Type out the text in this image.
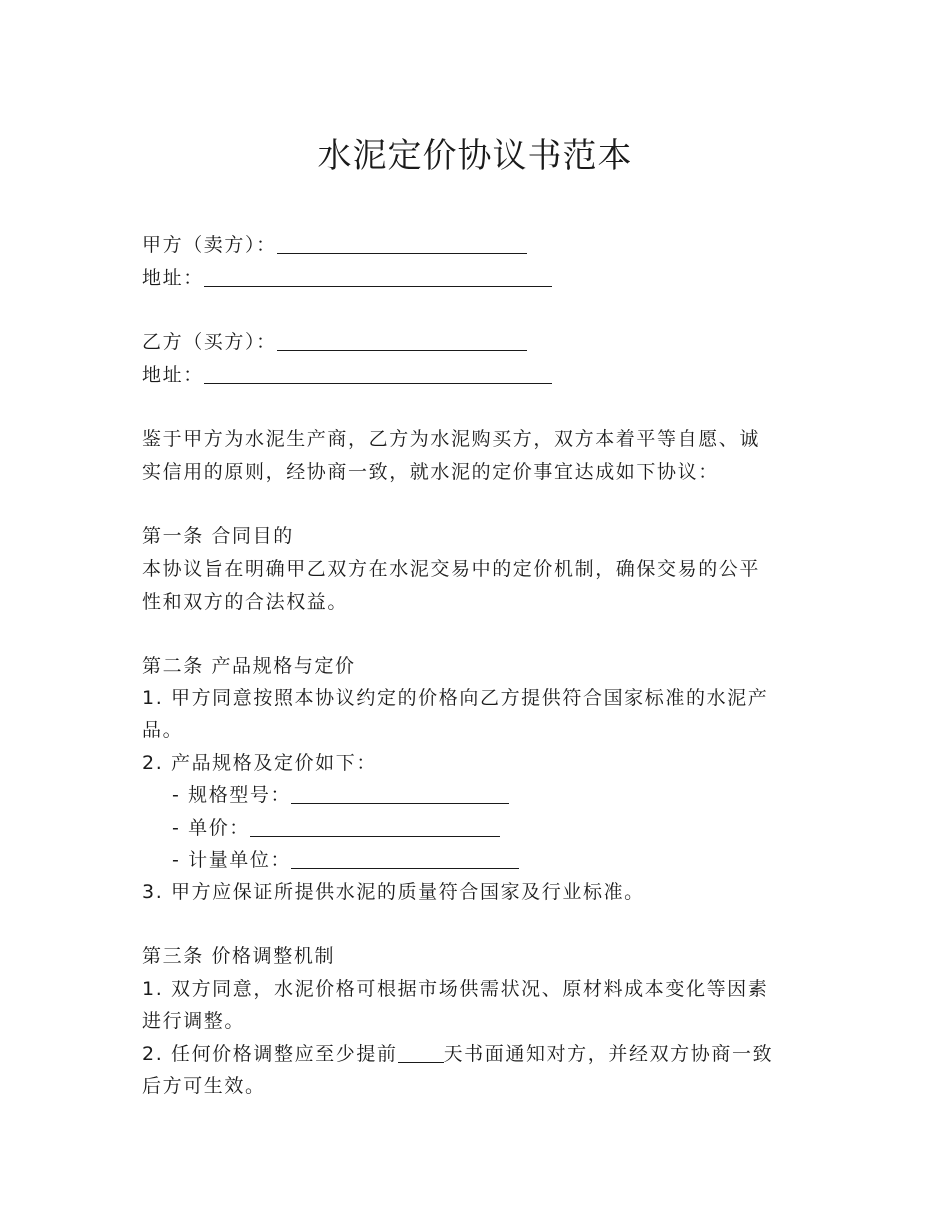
水泥定价协议书范本
甲方（卖方）：
地址：
乙方（买方）：
地址：
鉴于甲方为水泥生产商，乙方为水泥购买方，双方本着平等自愿、诚
实信用的原则，经协商一致，就水泥的定价事宜达成如下协议：
第一条 合同目的
本协议旨在明确甲乙双方在水泥交易中的定价机制，确保交易的公平
性和双方的合法权益。
第二条 产品规格与定价
1. 甲方同意按照本协议约定的价格向乙方提供符合国家标准的水泥产
品。
2. 产品规格及定价如下：
- 规格型号：
- 单价：
- 计量单位：
3. 甲方应保证所提供水泥的质量符合国家及行业标准。
第三条 价格调整机制
1. 双方同意，水泥价格可根据市场供需状况、原材料成本变化等因素
进行调整。
2. 任何价格调整应至少提前 天书面通知对方，并经双方协商一致
后方可生效。
